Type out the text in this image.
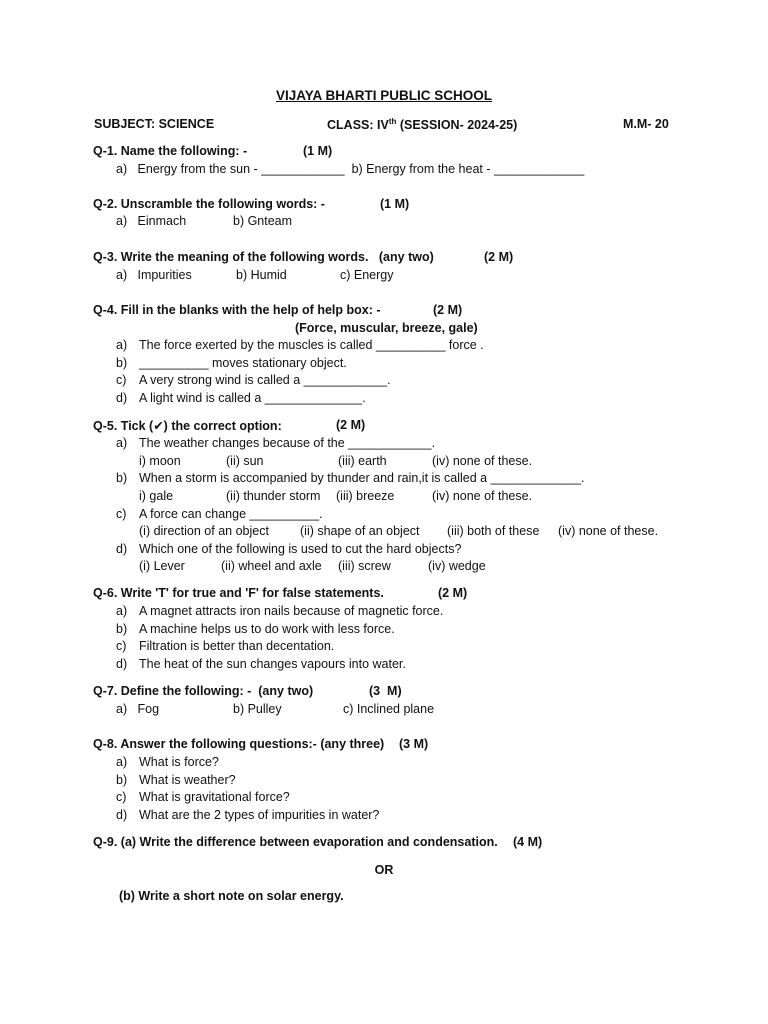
VIJAYA BHARTI PUBLIC SCHOOL
SUBJECT: SCIENCE	CLASS: IVth (SESSION- 2024-25)	M.M- 20
Q-1. Name the following: -	(1 M)
a)   Energy from the sun - ____________  b) Energy from the heat - _____________
Q-2. Unscramble the following words: -	(1 M)
a)   Einmach	b) Gnteam
Q-3. Write the meaning of the following words.   (any two)	(2 M)
a)   Impurities	b) Humid	c) Energy
Q-4. Fill in the blanks with the help of help box: -	(2 M)
(Force, muscular, breeze, gale)
a) The force exerted by the muscles is called __________ force .
b) __________ moves stationary object.
c) A very strong wind is called a ____________.
d) A light wind is called a ______________.
Q-5. Tick (✔) the correct option:	(2 M)
a) The weather changes because of the ____________.
i) moon	(ii) sun	(iii) earth	(iv) none of these.
b) When a storm is accompanied by thunder and rain,it is called a _____________.
i) gale	(ii) thunder storm (iii) breeze	(iv) none of these.
c) A force can change __________.
(i) direction of an object (ii) shape of an object (iii) both of these (iv) none of these.
d) Which one of the following is used to cut the hard objects?
(i) Lever	(ii) wheel and axle (iii) screw	(iv) wedge
Q-6. Write 'T' for true and 'F' for false statements.	(2 M)
a) A magnet attracts iron nails because of magnetic force.
b) A machine helps us to do work with less force.
c) Filtration is better than decentation.
d) The heat of the sun changes vapours into water.
Q-7. Define the following: -  (any two)	(3  M)
a)   Fog	b) Pulley	c) Inclined plane
Q-8. Answer the following questions:- (any three) (3 M)
a) What is force?
b) What is weather?
c) What is gravitational force?
d) What are the 2 types of impurities in water?
Q-9. (a) Write the difference between evaporation and condensation. (4 M)
OR
(b) Write a short note on solar energy.
